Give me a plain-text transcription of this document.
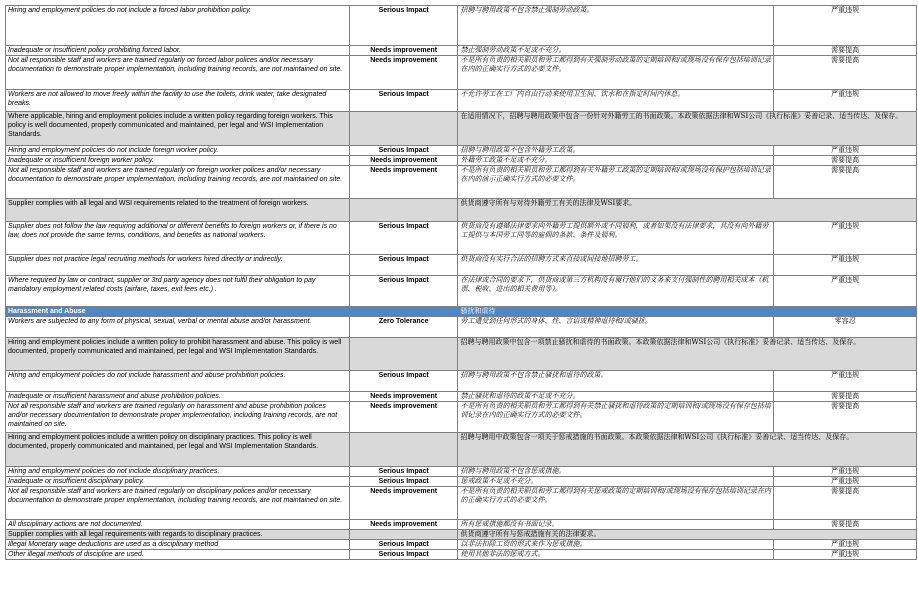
Hiring and employment policies do not include a forced labor prohibition policy.	Serious Impact	招聘与聘用政策不包含禁止强制劳动政策。	严重违规
Inadequate or insufficient policy prohibiting forced labor.	Needs improvement	禁止强制劳动政策不足或不充分。	需要提高
Not all responsible staff and workers are trained regularly on forced labor polices and/or necessary documentation to demonstrate proper implementation, including training records, are not maintained on site.	Needs improvement	不是所有负责的相关职员和劳工都得到有关强制劳动政策的定期培训和/或现场没有保存包括培训记录在内的正确实行方式的必要文件。	需要提高
Workers are not allowed to move freely within the facility to use the toilets, drink water, take designated breaks.	Serious Impact	不允许劳工在工厂内自由行动来使用卫生间、饮水和在指定时间内休息。	严重违规
Where applicable, hiring and employment policies include a written policy regarding foreign workers. This policy is well documented, properly communicated and maintained, per legal and WSI Implementation Standards.		在适用情况下，招聘与聘用政策中包含一份针对外籍劳工的书面政策。本政策依据法律和WSI公司《执行标准》妥善记录、适当传达、及保存。	
Hiring and employment policies do not include foreign worker policy.	Serious Impact	招聘与聘用政策不包含外籍劳工政策。	严重违规
Inadequate or insufficient foreign worker policy.	Needs improvement	外籍劳工政策不足或不充分。	需要提高
Not all responsible staff and workers are trained regularly on foreign worker polices and/or necessary documentation to demonstrate proper implementation, including training records, are not maintained on site.	Needs improvement	不是所有负责的相关职员和劳工都得到有关外籍劳工政策的定期培训和/或现场没有保护包括培训记录在内的演示正确实行方式的必要文件。	需要提高
Supplier complies with all legal and WSI requirements related to the treatment of foreign workers.		供货商遵守所有与对待外籍劳工有关的法律及WSI要求。	
Supplier does not follow the law requiring additional or different benefits to foreign workers or, if there is no law, does not provide the same terms, conditions, and benefits as national workers.	Serious Impact	供货商没有遵循法律要求向外籍劳工提供额外或不同福利，或者如果没有法律要求，其没有向外籍劳工提供与本国劳工同等的雇佣的条款、条件及福利。	严重违规
Supplier does not practice legal recruiting methods for workers hired directly or indirectly.	Serious Impact	供货商没有实行合法的招聘方式来直接或间接地招聘劳工。	严重违规
Where required by law or contract, supplier or 3rd party agency does not fulfil their obligation to pay mandatory employment related costs (airfare, taxes, exit fees etc.) .	Serious Impact	在法律或合同的要求下，供货商或第三方机构没有履行他们的义务来支付强制性的聘用相关成本（机票、税收、进出的相关费用等）。	严重违规
Harassment and Abuse		骚扰和虐待	
Workers are subjected to any form of physical, sexual, verbal or mental abuse and/or harassment.	Zero Tolerance	劳工遭受到任何形式的身体、性、言语或精神虐待和/或骚扰。	零容忍
Hiring and employment policies include a written policy to prohibit harassment and abuse. This policy is well documented, properly communicated and maintained, per legal and WSI Implementation Standards.		招聘与聘用政策中包含一项禁止骚扰和虐待的书面政策。本政策依据法律和WSI公司《执行标准》妥善记录、适当传达、及保存。	
Hiring and employment policies do not include harassment and abuse prohibition policies.	Serious Impact	招聘与聘用政策不包含禁止骚扰和虐待的政策。	严重违规
Inadequate or insufficient harassment and abuse prohibition policies.	Needs improvement	禁止骚扰和虐待的政策不足或不充分。	需要提高
Not all responsible staff and workers are trained regularly on harassment and abuse prohibition polices and/or necessary documentation to demonstrate proper implementation, including training records, are not maintained on site.	Needs improvement	不是所有负责的相关职员和劳工都得到有关禁止骚扰和虐待政策的定期培训和/或现场没有保存包括培训记录在内的正确实行方式的必要文件。	需要提高
Hiring and employment policies include a written policy on disciplinary practices. This policy is well documented, properly communicated and maintained, per legal and WSI Implementation Standards.		招聘与聘用中政策包含一项关于惩戒措施的书面政策。本政策依据法律和WSI公司《执行标准》妥善记录、适当传达、及保存。	
Hiring and employment policies do not include disciplinary practices.	Serious Impact	招聘与聘用政策不包含惩戒措施。	严重违规
Inadequate or insufficient disciplinary policy.	Serious Impact	惩戒政策不足或不充分。	严重违规
Not all responsible staff and workers are trained regularly on disciplinary polices and/or necessary documentation to demonstrate proper implementation, including training records, are not maintained on site.	Needs improvement	不是所有负责的相关职员和劳工都得到有关惩戒政策的定期培训和/或现场没有保存包括培训记录在内的正确实行方式的必要文件。	需要提高
All disciplinary actions are not documented.	Needs improvement	所有惩戒措施都没有书面记录。	需要提高
Supplier complies with all legal requirements with regards to disciplinary practices.		供货商遵守所有与惩戒措施有关的法律要求。	
Illegal Monetary wage deductions are used as a disciplinary method	Serious Impact	以非法扣除工资的形式来作为惩戒措施。	严重违规
Other illegal methods of discipline are used.	Serious Impact	使用其他非法的惩戒方式。	严重违规
